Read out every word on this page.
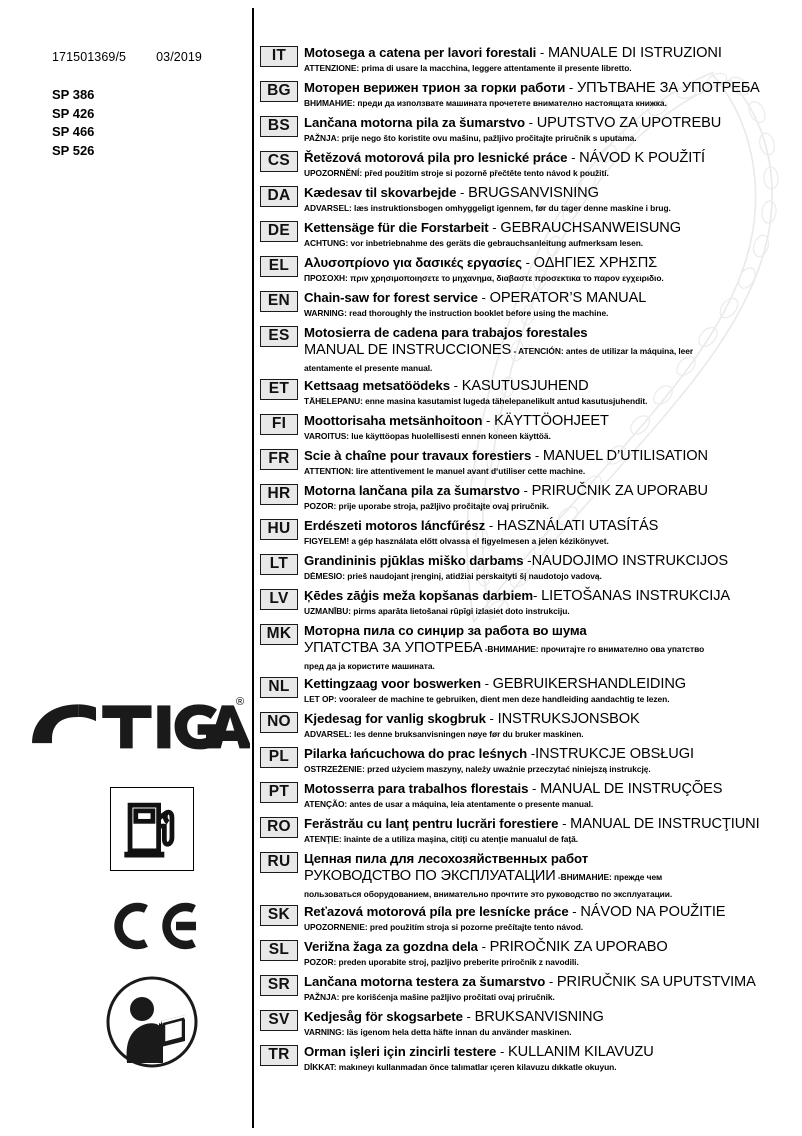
171501369/5 03/2019
SP 386
SP 426
SP 466
SP 526
®
IT	Motosega a catena per lavori forestali - MANUALE DI ISTRUZIONI
ATTENZIONE: prima di usare la macchina, leggere attentamente il presente libretto.
BG Моторен верижен трион за горки работи - УПЪТВАНЕ ЗА УПОТРЕБА
ВНИМАНИЕ: преди да използвате машината прочетете внимателно настоящата книжка.
BS	Lančana motorna pila za šumarstvo - UPUTSTVO ZA UPOTREBU
PAŽNJA: prije nego što koristite ovu mašinu, pažljivo pročitajte priručnik s uputama.
CS	Řetězová motorová pila pro lesnické práce - NÁVOD K POUŽITÍ
UPOZORNĚNÍ: před použitím stroje si pozorně přečtěte tento návod k použití.
DA	Kædesav til skovarbejde - BRUGSANVISNING
ADVARSEL: læs instruktionsbogen omhyggeligt igennem, før du tager denne maskine i brug.
DE	Kettensäge für die Forstarbeit - GEBRAUCHSANWEISUNG
ACHTUNG: vor inbetriebnahme des geräts die gebrauchsanleitung aufmerksam lesen.
EL	Αλυσοπρίονο για δασικές εργασίες - ΟΔΗΓΙΕΣ ΧΡΗΣΠΣ
ΠΡΟΣΟΧΗ: πριν χρησιμοποιησετε το μηχανημα, διαβαστε προσεκτικα το παρον εγχειριδιο.
EN	Chain-saw for forest service - OPERATOR’S MANUAL
WARNING: read thoroughly the instruction booklet before using the machine.
ES	Motosierra de cadena para trabajos forestales
MANUAL DE INSTRUCCIONES - ATENCIÓN: antes de utilizar la máquina, leer
atentamente el presente manual.
ET	Kettsaag metsatöödeks - KASUTUSJUHEND
TÄHELEPANU: enne masina kasutamist lugeda tähelepanelikult antud kasutusjuhendit.
FI	Moottorisaha metsänhoitoon - KÄYTTÖOHJEET
VAROITUS: lue käyttöopas huolellisesti ennen koneen käyttöä.
FR	Scie à chaîne pour travaux forestiers - MANUEL D’UTILISATION
ATTENTION: lire attentivement le manuel avant d‘utiliser cette machine.
HR	Motorna lančana pila za šumarstvo - PRIRUČNIK ZA UPORABU
POZOR: prije uporabe stroja, pažljivo pročitajte ovaj priručnik.
HU	Erdészeti motoros láncfűrész - HASZNÁLATI UTASÍTÁS
FIGYELEM! a gép használata előtt olvassa el figyelmesen a jelen kézikönyvet.
LT	Grandininis pjūklas miško darbams -NAUDOJIMO INSTRUKCIJOS
DĖMESIO: prieš naudojant įrenginį, atidžiai perskaityti šį naudotojo vadovą.
LV	Ķēdes zāģis meža kopšanas darbiem- LIETOŠANAS INSTRUKCIJA
UZMANĪBU: pirms aparāta lietošanai rūpīgi izlasiet doto instrukciju.
MK Моторна пила со синџир за работа во шума
УПАТСТВА ЗА УПОТРЕБА -ВНИМАНИЕ: прочитајте го внимателно ова упатство
пред да ја користите машината.
NL	Kettingzaag voor boswerken - GEBRUIKERSHANDLEIDING
LET OP: vooraleer de machine te gebruiken, dient men deze handleiding aandachtig te lezen.
NO Kjedesag for vanlig skogbruk - INSTRUKSJONSBOK
ADVARSEL: les denne bruksanvisningen nøye før du bruker maskinen.
PL	Pilarka łańcuchowa do prac leśnych -INSTRUKCJE OBSŁUGI
OSTRZEŻENIE: przed użyciem maszyny, należy uważnie przeczytać niniejszą instrukcję.
PT	Motosserra para trabalhos florestais - MANUAL DE INSTRUÇÕES
ATENÇÃO: antes de usar a máquina, leia atentamente o presente manual.
RO Ferăstrău cu lanţ pentru lucrări forestiere - MANUAL DE INSTRUCŢIUNI
ATENŢIE: înainte de a utiliza maşina, citiţi cu atenţie manualul de faţă.
RU	Цепная пила для лесохозяйственных работ
РУКОВОДСТВО ПО ЭКСПЛУАТАЦИИ -ВНИМАНИЕ: прежде чем
пользоваться оборудованием, внимательно прочтите это руководство по эксплуатации.
SK	Reťazová motorová píla pre lesnícke práce - NÁVOD NA POUŽITIE
UPOZORNENIE: pred použitím stroja si pozorne prečítajte tento návod.
SL	Verižna žaga za gozdna dela - PRIROČNIK ZA UPORABO
POZOR: preden uporabite stroj, pazljivo preberite priročnik z navodili.
SR	Lančana motorna testera za šumarstvo - PRIRUČNIK SA UPUTSTVIMA
PAŽNJA: pre korišćenja mašine pažljivo pročitati ovaj priručnik.
SV	Kedjesåg för skogsarbete - BRUKSANVISNING
VARNING: läs igenom hela detta häfte innan du använder maskinen.
TR	Orman işleri için zincirli testere - KULLANIM KILAVUZU
DİKKAT: makıneyı kullanmadan önce talımatlar ıçeren kilavuzu dıkkatle okuyun.
